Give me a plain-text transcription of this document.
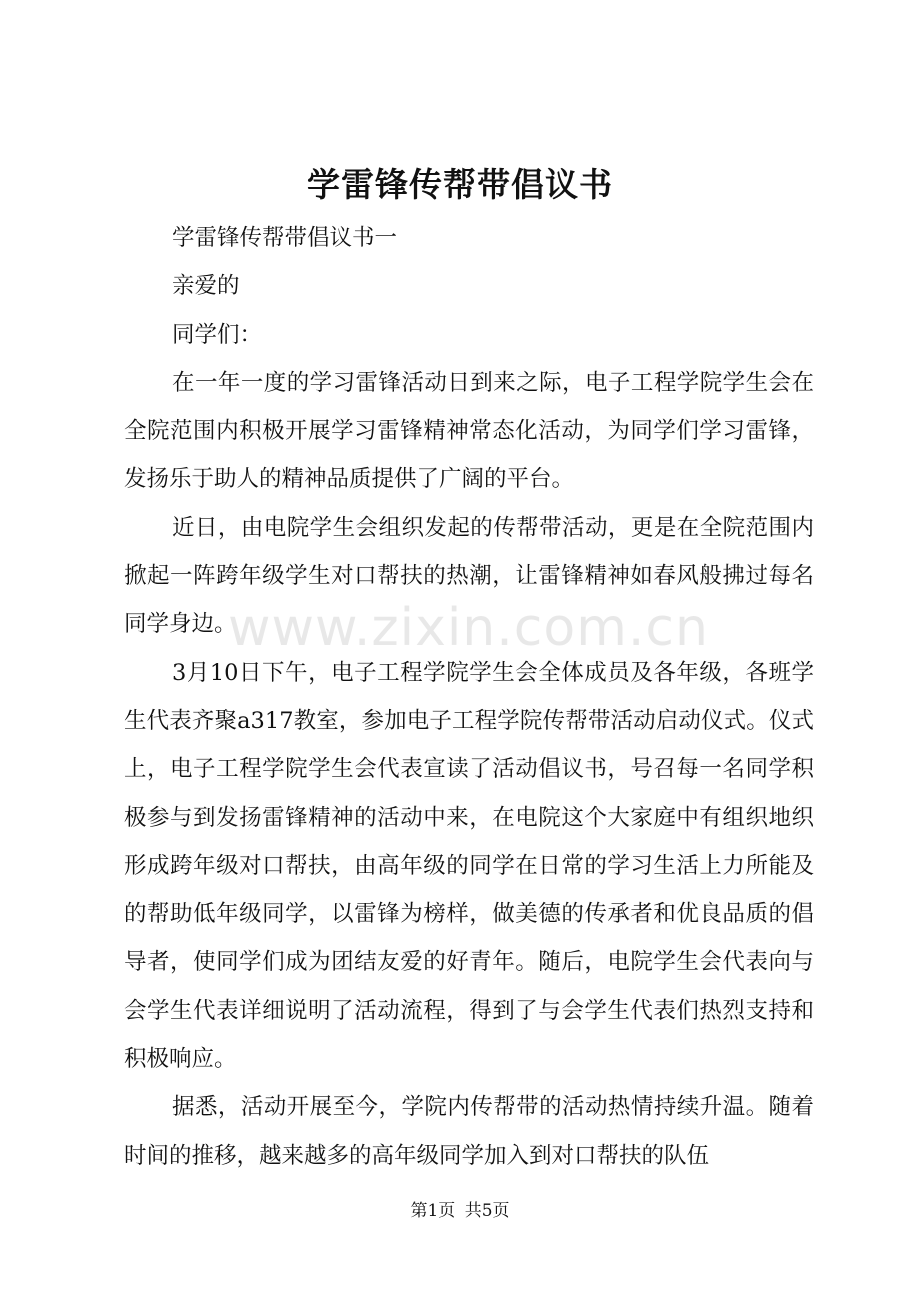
学雷锋传帮带倡议书

学雷锋传帮带倡议书一

亲爱的

同学们：

在一年一度的学习雷锋活动日到来之际，电子工程学院学生会在全院范围内积极开展学习雷锋精神常态化活动，为同学们学习雷锋，发扬乐于助人的精神品质提供了广阔的平台。

近日，由电院学生会组织发起的传帮带活动，更是在全院范围内掀起一阵跨年级学生对口帮扶的热潮，让雷锋精神如春风般拂过每名同学身边。

3月10日下午，电子工程学院学生会全体成员及各年级，各班学生代表齐聚a317教室，参加电子工程学院传帮带活动启动仪式。仪式上，电子工程学院学生会代表宣读了活动倡议书，号召每一名同学积极参与到发扬雷锋精神的活动中来，在电院这个大家庭中有组织地织形成跨年级对口帮扶，由高年级的同学在日常的学习生活上力所能及的帮助低年级同学，以雷锋为榜样，做美德的传承者和优良品质的倡导者，使同学们成为团结友爱的好青年。随后，电院学生会代表向与会学生代表详细说明了活动流程，得到了与会学生代表们热烈支持和积极响应。

据悉，活动开展至今，学院内传帮带的活动热情持续升温。随着时间的推移，越来越多的高年级同学加入到对口帮扶的队伍

www.zixin.com.cn
第1页 共5页
